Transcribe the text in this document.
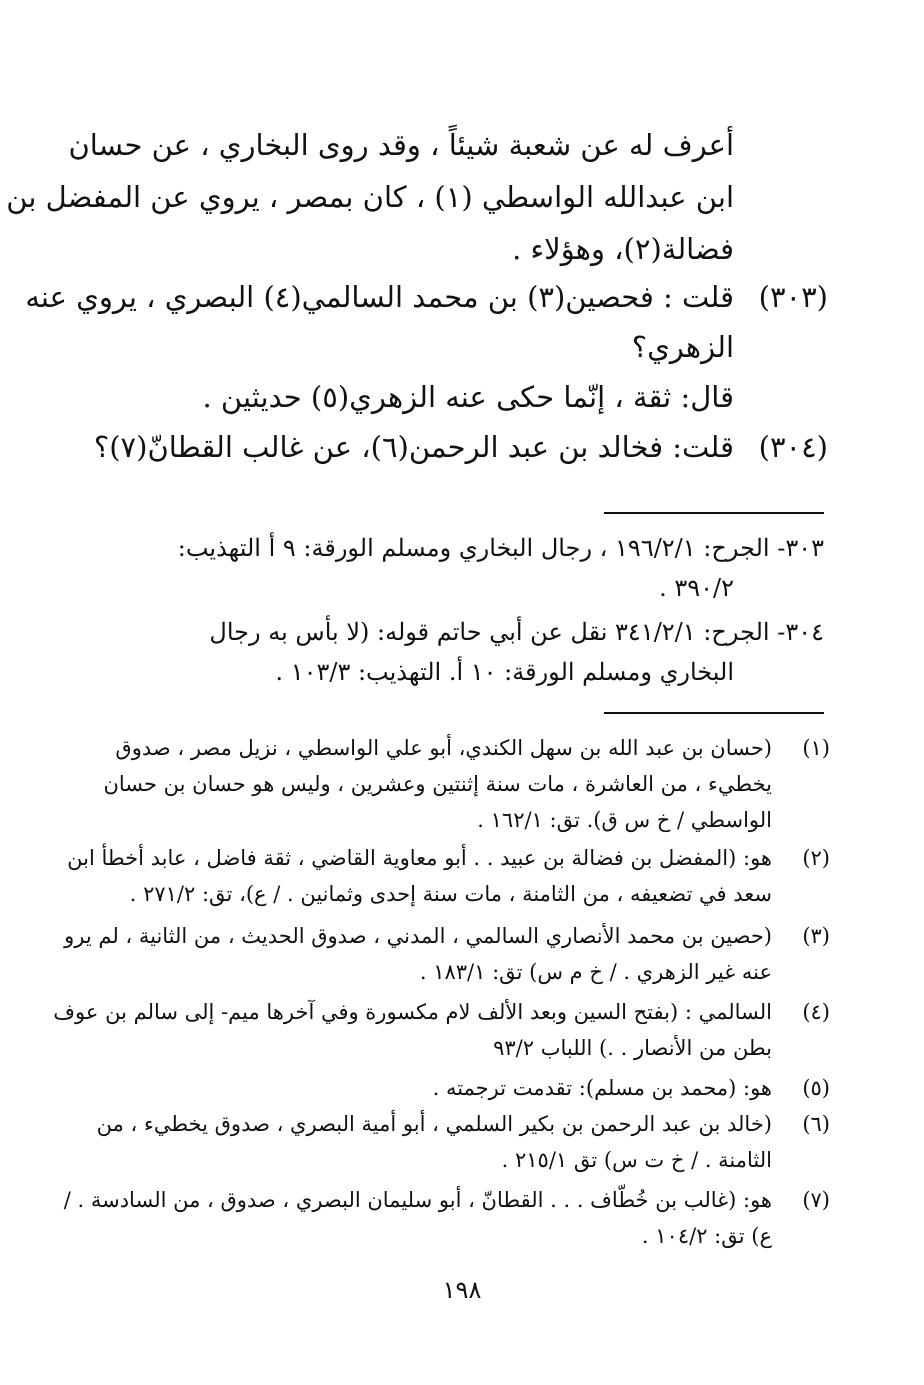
أعرف له عن شعبة شيئاً ، وقد روى البخاري ، عن حسان
ابن عبدالله الواسطي (١) ، كان بمصر ، يروي عن المفضل بن
فضالة(٢)، وهؤلاء .
(٣٠٣)
قلت : فحصين(٣) بن محمد السالمي(٤) البصري ، يروي عنه
الزهري؟
قال: ثقة ، إنّما حكى عنه الزهري(٥) حديثين .
(٣٠٤)
قلت: فخالد بن عبد الرحمن(٦)، عن غالب القطانّ(٧)؟
٣٠٣- الجرح: ١٩٦/٢/١ ، رجال البخاري ومسلم الورقة: ٩ أ التهذيب:
٣٩٠/٢ .
٣٠٤- الجرح: ٣٤١/٢/١ نقل عن أبي حاتم قوله: (لا بأس به رجال
البخاري ومسلم الورقة: ١٠ أ. التهذيب: ١٠٣/٣ .
(١)
(حسان بن عبد الله بن سهل الكندي، أبو علي الواسطي ، نزيل مصر ، صدوق
يخطيء ، من العاشرة ، مات سنة إثنتين وعشرين ، وليس هو حسان بن حسان
الواسطي / خ س ق). تق: ١٦٢/١ .
(٢)
هو: (المفضل بن فضالة بن عبيد . . أبو معاوية القاضي ، ثقة فاضل ، عابد أخطأ ابن
سعد في تضعيفه ، من الثامنة ، مات سنة إحدى وثمانين . / ع)، تق: ٢٧١/٢ .
(٣)
(حصين بن محمد الأنصاري السالمي ، المدني ، صدوق الحديث ، من الثانية ، لم يرو
عنه غير الزهري . / خ م س) تق: ١٨٣/١ .
(٤)
السالمي : (بفتح السين وبعد الألف لام مكسورة وفي آخرها ميم- إلى سالم بن عوف
بطن من الأنصار . .) اللباب ٩٣/٢
(٥)
هو: (محمد بن مسلم): تقدمت ترجمته .
(٦)
(خالد بن عبد الرحمن بن بكير السلمي ، أبو أمية البصري ، صدوق يخطيء ، من
الثامنة . / خ ت س) تق ٢١٥/١ .
(٧)
هو: (غالب بن خُطّاف . . . القطانّ ، أبو سليمان البصري ، صدوق ، من السادسة . /
ع) تق: ١٠٤/٢ .
١٩٨
